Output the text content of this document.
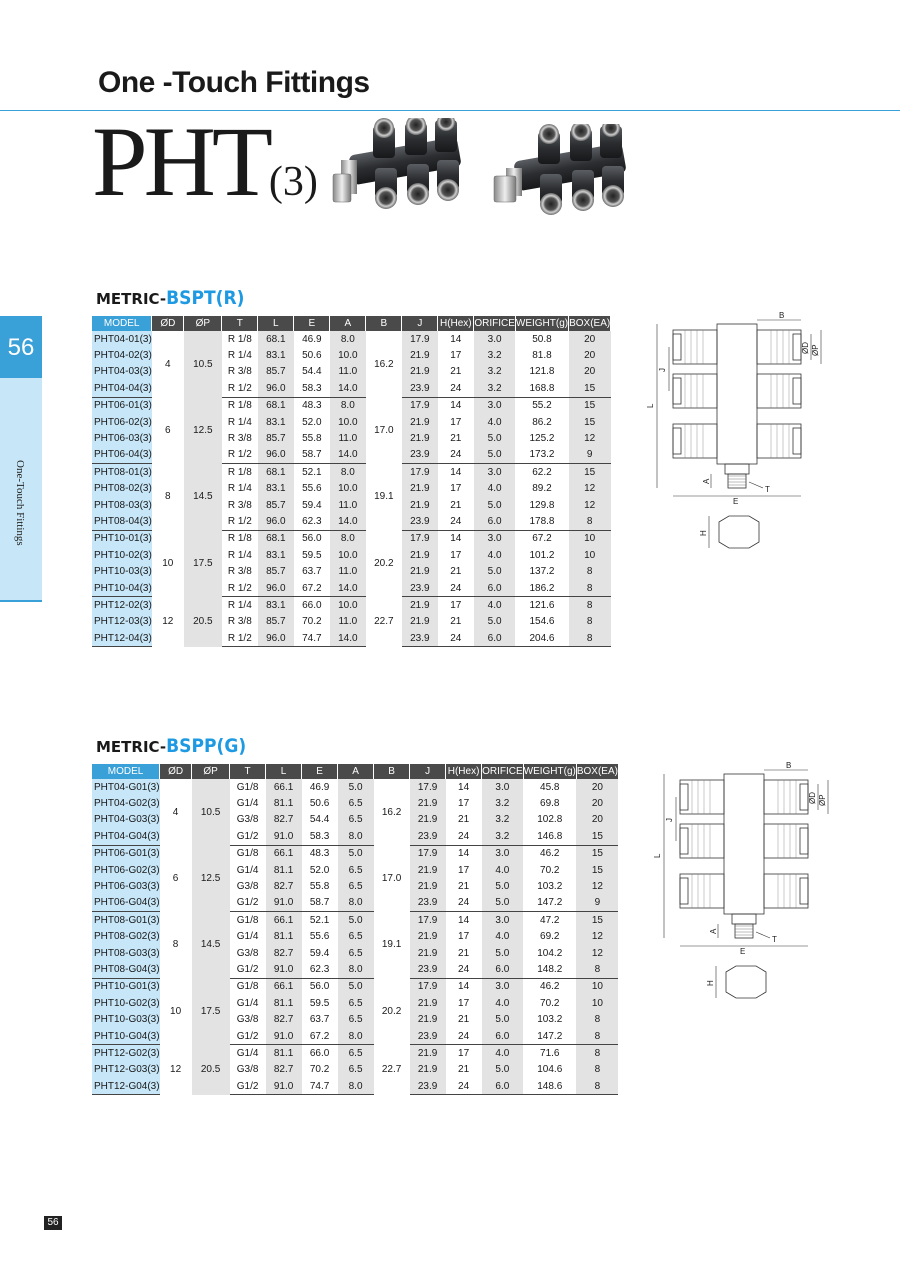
One -Touch Fittings
PHT(3)
56
One-Touch Fittings
METRIC-BSPT(R)
MODEL	ØD	ØP	T	L	E	A	B	J	H(Hex)	ORIFICE	WEIGHT(g)	BOX(EA)
PHT04-01(3)	4	10.5	R 1/8	68.1	46.9	8.0	16.2	17.9	14	3.0	50.8	20
PHT04-02(3)			R 1/4	83.1	50.6	10.0		21.9	17	3.2	81.8	20
PHT04-03(3)			R 3/8	85.7	54.4	11.0		21.9	21	3.2	121.8	20
PHT04-04(3)			R 1/2	96.0	58.3	14.0		23.9	24	3.2	168.8	15
PHT06-01(3)	6	12.5	R 1/8	68.1	48.3	8.0	17.0	17.9	14	3.0	55.2	15
PHT06-02(3)			R 1/4	83.1	52.0	10.0		21.9	17	4.0	86.2	15
PHT06-03(3)			R 3/8	85.7	55.8	11.0		21.9	21	5.0	125.2	12
PHT06-04(3)			R 1/2	96.0	58.7	14.0		23.9	24	5.0	173.2	9
PHT08-01(3)	8	14.5	R 1/8	68.1	52.1	8.0	19.1	17.9	14	3.0	62.2	15
PHT08-02(3)			R 1/4	83.1	55.6	10.0		21.9	17	4.0	89.2	12
PHT08-03(3)			R 3/8	85.7	59.4	11.0		21.9	21	5.0	129.8	12
PHT08-04(3)			R 1/2	96.0	62.3	14.0		23.9	24	6.0	178.8	8
PHT10-01(3)	10	17.5	R 1/8	68.1	56.0	8.0	20.2	17.9	14	3.0	67.2	10
PHT10-02(3)			R 1/4	83.1	59.5	10.0		21.9	17	4.0	101.2	10
PHT10-03(3)			R 3/8	85.7	63.7	11.0		21.9	21	5.0	137.2	8
PHT10-04(3)			R 1/2	96.0	67.2	14.0		23.9	24	6.0	186.2	8
PHT12-02(3)	12	20.5	R 1/4	83.1	66.0	10.0	22.7	21.9	17	4.0	121.6	8
PHT12-03(3)			R 3/8	85.7	70.2	11.0		21.9	21	5.0	154.6	8
PHT12-04(3)			R 1/2	96.0	74.7	14.0		23.9	24	6.0	204.6	8
METRIC-BSPP(G)
MODEL	ØD	ØP	T	L	E	A	B	J	H(Hex)	ORIFICE	WEIGHT(g)	BOX(EA)
PHT04-G01(3)	4	10.5	G1/8	66.1	46.9	5.0	16.2	17.9	14	3.0	45.8	20
PHT04-G02(3)			G1/4	81.1	50.6	6.5		21.9	17	3.2	69.8	20
PHT04-G03(3)			G3/8	82.7	54.4	6.5		21.9	21	3.2	102.8	20
PHT04-G04(3)			G1/2	91.0	58.3	8.0		23.9	24	3.2	146.8	15
PHT06-G01(3)	6	12.5	G1/8	66.1	48.3	5.0	17.0	17.9	14	3.0	46.2	15
PHT06-G02(3)			G1/4	81.1	52.0	6.5		21.9	17	4.0	70.2	15
PHT06-G03(3)			G3/8	82.7	55.8	6.5		21.9	21	5.0	103.2	12
PHT06-G04(3)			G1/2	91.0	58.7	8.0		23.9	24	5.0	147.2	9
PHT08-G01(3)	8	14.5	G1/8	66.1	52.1	5.0	19.1	17.9	14	3.0	47.2	15
PHT08-G02(3)			G1/4	81.1	55.6	6.5		21.9	17	4.0	69.2	12
PHT08-G03(3)			G3/8	82.7	59.4	6.5		21.9	21	5.0	104.2	12
PHT08-G04(3)			G1/2	91.0	62.3	8.0		23.9	24	6.0	148.2	8
PHT10-G01(3)	10	17.5	G1/8	66.1	56.0	5.0	20.2	17.9	14	3.0	46.2	10
PHT10-G02(3)			G1/4	81.1	59.5	6.5		21.9	17	4.0	70.2	10
PHT10-G03(3)			G3/8	82.7	63.7	6.5		21.9	21	5.0	103.2	8
PHT10-G04(3)			G1/2	91.0	67.2	8.0		23.9	24	6.0	147.2	8
PHT12-G02(3)	12	20.5	G1/4	81.1	66.0	6.5	22.7	21.9	17	4.0	71.6	8
PHT12-G03(3)			G3/8	82.7	70.2	6.5		21.9	21	5.0	104.6	8
PHT12-G04(3)			G1/2	91.0	74.7	8.0		23.9	24	6.0	148.6	8
L
J
B
ØD ØP
E
A
T
H
L
J
B
ØD ØP
E
A
T
H
56
